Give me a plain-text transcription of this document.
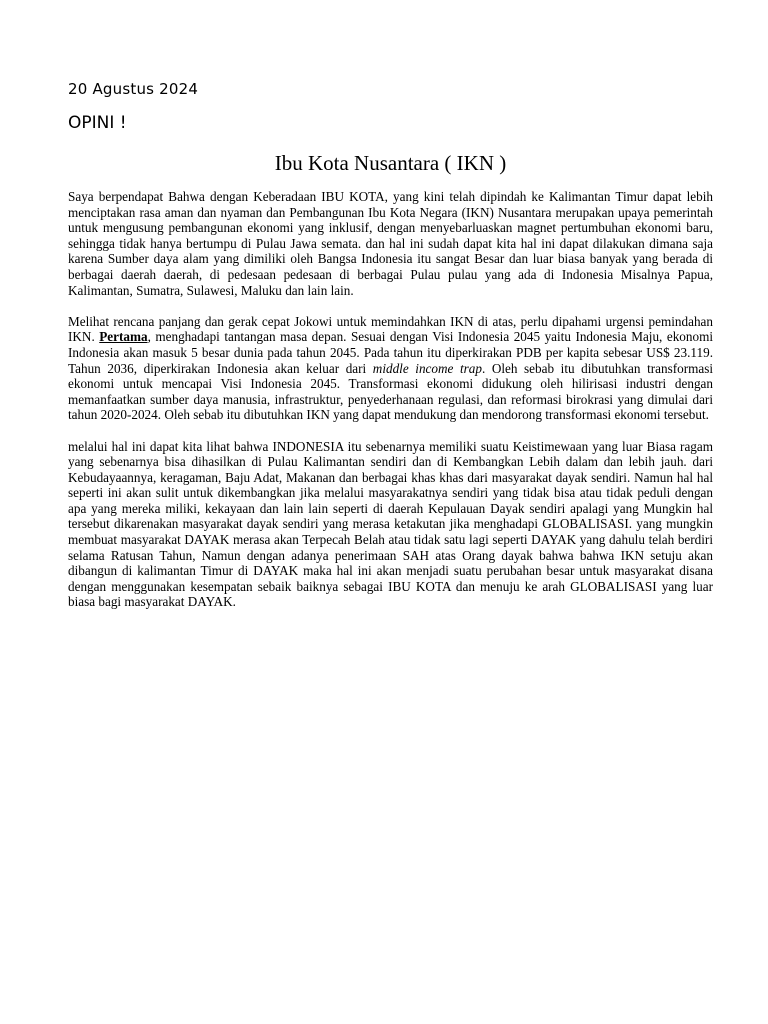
20 Agustus 2024
OPINI !
Ibu Kota Nusantara ( IKN )

Saya berpendapat Bahwa dengan Keberadaan IBU KOTA, yang kini telah dipindah ke Kalimantan Timur dapat lebih menciptakan rasa aman dan nyaman dan Pembangunan Ibu Kota Negara (IKN) Nusantara merupakan upaya pemerintah untuk mengusung pembangunan ekonomi yang inklusif, dengan menyebarluaskan magnet pertumbuhan ekonomi baru, sehingga tidak hanya bertumpu di Pulau Jawa semata. dan hal ini sudah dapat kita hal ini dapat dilakukan dimana saja karena Sumber daya alam yang dimiliki oleh Bangsa Indonesia itu sangat Besar dan luar biasa banyak yang berada di berbagai daerah daerah, di pedesaan pedesaan di berbagai Pulau pulau yang ada di Indonesia Misalnya Papua, Kalimantan, Sumatra, Sulawesi, Maluku dan lain lain.

Melihat rencana panjang dan gerak cepat Jokowi untuk memindahkan IKN di atas, perlu dipahami urgensi pemindahan IKN. Pertama, menghadapi tantangan masa depan. Sesuai dengan Visi Indonesia 2045 yaitu Indonesia Maju, ekonomi Indonesia akan masuk 5 besar dunia pada tahun 2045. Pada tahun itu diperkirakan PDB per kapita sebesar US$ 23.119. Tahun 2036, diperkirakan Indonesia akan keluar dari middle income trap. Oleh sebab itu dibutuhkan transformasi ekonomi untuk mencapai Visi Indonesia 2045. Transformasi ekonomi didukung oleh hilirisasi industri dengan memanfaatkan sumber daya manusia, infrastruktur, penyederhanaan regulasi, dan reformasi birokrasi yang dimulai dari tahun 2020-2024. Oleh sebab itu dibutuhkan IKN yang dapat mendukung dan mendorong transformasi ekonomi tersebut.

melalui hal ini dapat kita lihat bahwa INDONESIA itu sebenarnya memiliki suatu Keistimewaan yang luar Biasa ragam yang sebenarnya bisa dihasilkan di Pulau Kalimantan sendiri dan di Kembangkan Lebih dalam dan lebih jauh. dari Kebudayaannya, keragaman, Baju Adat, Makanan dan berbagai khas khas dari masyarakat dayak sendiri. Namun hal hal seperti ini akan sulit untuk dikembangkan jika melalui masyarakatnya sendiri yang tidak bisa atau tidak peduli dengan apa yang mereka miliki, kekayaan dan lain lain seperti di daerah Kepulauan Dayak sendiri apalagi yang Mungkin hal tersebut dikarenakan masyarakat dayak sendiri yang merasa ketakutan jika menghadapi GLOBALISASI. yang mungkin membuat masyarakat DAYAK merasa akan Terpecah Belah atau tidak satu lagi seperti DAYAK yang dahulu telah berdiri selama Ratusan Tahun, Namun dengan adanya penerimaan SAH atas Orang dayak bahwa bahwa IKN setuju akan dibangun di kalimantan Timur di DAYAK maka hal ini akan menjadi suatu perubahan besar untuk masyarakat disana dengan menggunakan kesempatan sebaik baiknya sebagai IBU KOTA dan menuju ke arah GLOBALISASI yang luar biasa bagi masyarakat DAYAK.
